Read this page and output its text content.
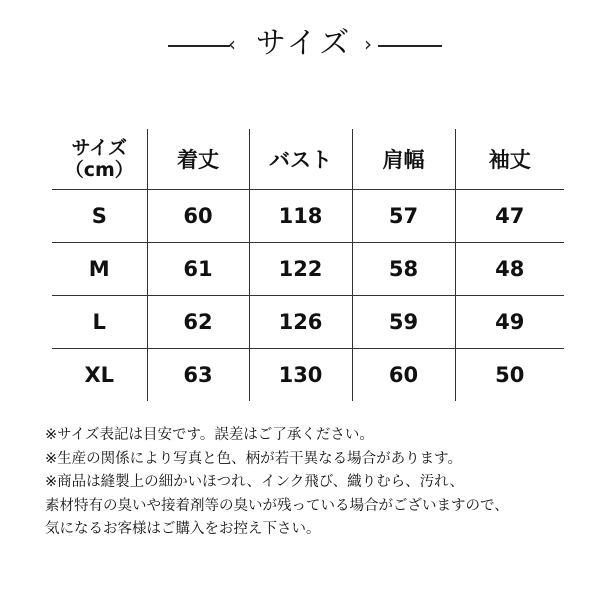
‹ サイズ ›
サイズ
（cm）	着丈	バスト	肩幅	袖丈
S	60	118	57	47
M	61	122	58	48
L	62	126	59	49
XL	63	130	60	50
※サイズ表記は目安です。誤差はご了承ください。
※生産の関係により写真と色、柄が若干異なる場合があります。
※商品は縫製上の細かいほつれ、インク飛び、織りむら、汚れ、
素材特有の臭いや接着剤等の臭いが残っている場合がございますので、
気になるお客様はご購入をお控え下さい。
